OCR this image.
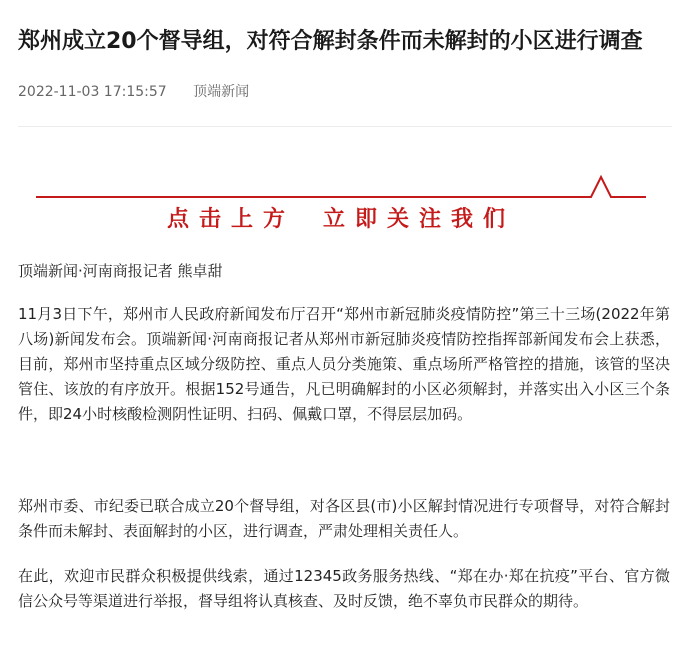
郑州成立20个督导组，对符合解封条件而未解封的小区进行调查
2022-11-03 17:15:57 顶端新闻
点击上方 立即关注我们
顶端新闻·河南商报记者 熊卓甜

11月3日下午，郑州市人民政府新闻发布厅召开“郑州市新冠肺炎疫情防控”第三十三场(2022年第八场)新闻发布会。顶端新闻·河南商报记者从郑州市新冠肺炎疫情防控指挥部新闻发布会上获悉，目前，郑州市坚持重点区域分级防控、重点人员分类施策、重点场所严格管控的措施，该管的坚决管住、该放的有序放开。根据152号通告，凡已明确解封的小区必须解封，并落实出入小区三个条件，即24小时核酸检测阴性证明、扫码、佩戴口罩，不得层层加码。

郑州市委、市纪委已联合成立20个督导组，对各区县(市)小区解封情况进行专项督导，对符合解封条件而未解封、表面解封的小区，进行调查，严肃处理相关责任人。

在此，欢迎市民群众积极提供线索，通过12345政务服务热线、“郑在办·郑在抗疫”平台、官方微信公众号等渠道进行举报，督导组将认真核查、及时反馈，绝不辜负市民群众的期待。
